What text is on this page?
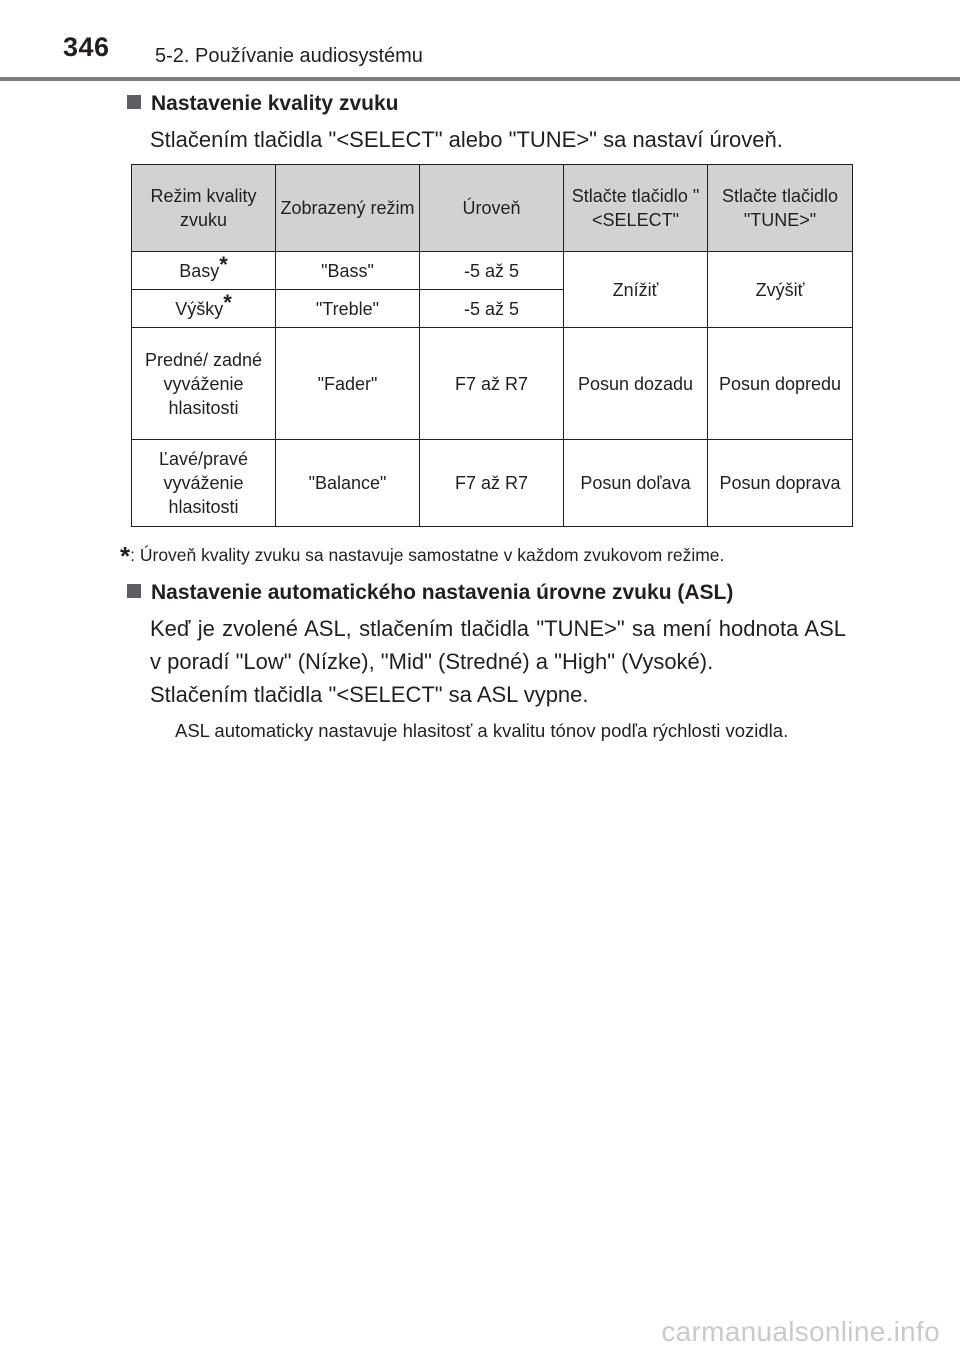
346 5-2. Používanie audiosystému
Nastavenie kvality zvuku
Stlačením tlačidla "<SELECT" alebo "TUNE>" sa nastaví úroveň.
Režim kvality zvuku	Zobrazený režim	Úroveň	Stlačte tlačidlo "<SELECT"	Stlačte tlačidlo "TUNE>"
Basy*	"Bass"	-5 až 5	Znížiť	Zvýšiť
Výšky*	"Treble"	-5 až 5		
Predné/ zadné vyváženie hlasitosti	"Fader"	F7 až R7	Posun dozadu	Posun dopredu
Ľavé/pravé vyváženie hlasitosti	"Balance"	F7 až R7	Posun doľava	Posun doprava
*: Úroveň kvality zvuku sa nastavuje samostatne v každom zvukovom režime.
Nastavenie automatického nastavenia úrovne zvuku (ASL)
Keď je zvolené ASL, stlačením tlačidla "TUNE>" sa mení hodnota ASL v poradí "Low" (Nízke), "Mid" (Stredné) a "High" (Vysoké).
Stlačením tlačidla "<SELECT" sa ASL vypne.
ASL automaticky nastavuje hlasitosť a kvalitu tónov podľa rýchlosti vozidla.
carmanualsonline.info
